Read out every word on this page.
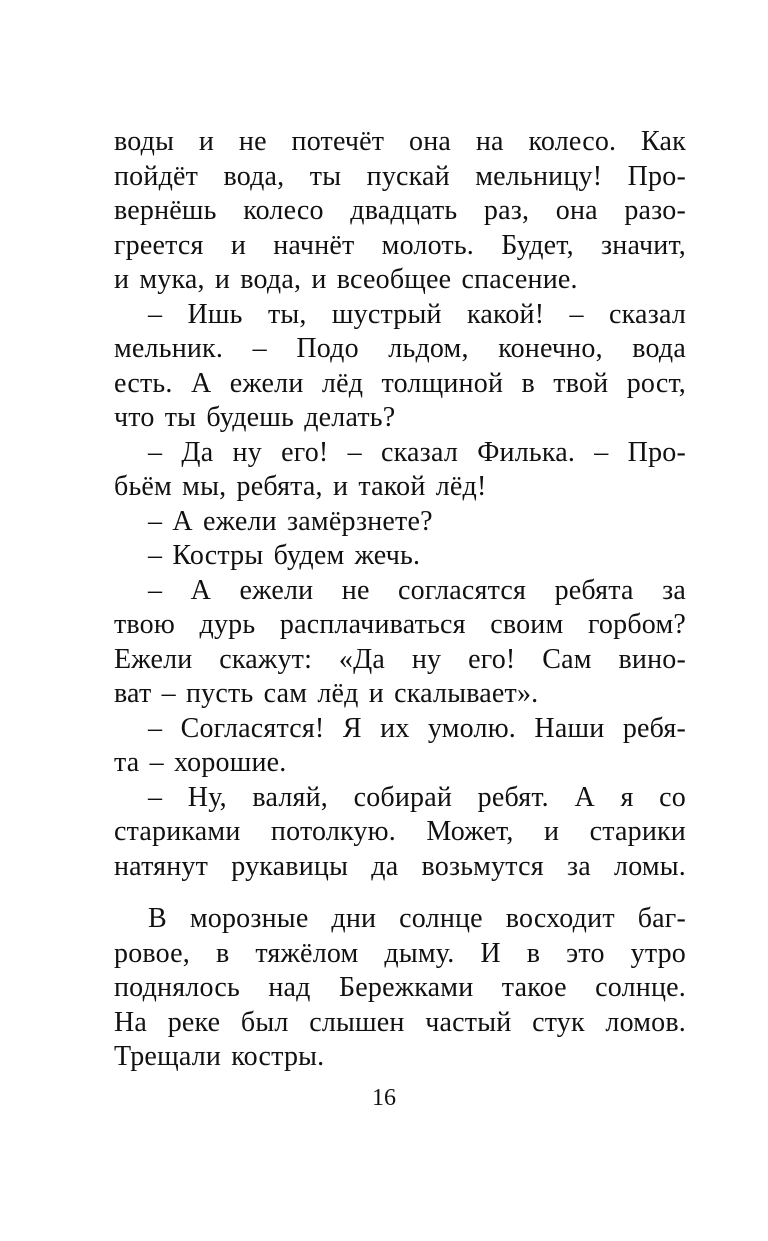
воды и не потечёт она на колесо. Как
пойдёт вода, ты пускай мельницу! Про-
вернёшь колесо двадцать раз, она разо-
греется и начнёт молоть. Будет, значит,
и мука, и вода, и всеобщее спасение.
– Ишь ты, шустрый какой! – сказал
мельник. – Подо льдом, конечно, вода
есть. А ежели лёд толщиной в твой рост,
что ты будешь делать?
– Да ну его! – сказал Филька. – Про-
бьём мы, ребята, и такой лёд!
– А ежели замёрзнете?
– Костры будем жечь.
– А ежели не согласятся ребята за
твою дурь расплачиваться своим горбом?
Ежели скажут: «Да ну его! Сам вино-
ват – пусть сам лёд и скалывает».
– Согласятся! Я их умолю. Наши ребя-
та – хорошие.
– Ну, валяй, собирай ребят. А я со
стариками потолкую. Может, и старики
натянут рукавицы да возьмутся за ломы.
В морозные дни солнце восходит баг-
ровое, в тяжёлом дыму. И в это утро
поднялось над Бережками такое солнце.
На реке был слышен частый стук ломов.
Трещали костры.
16
